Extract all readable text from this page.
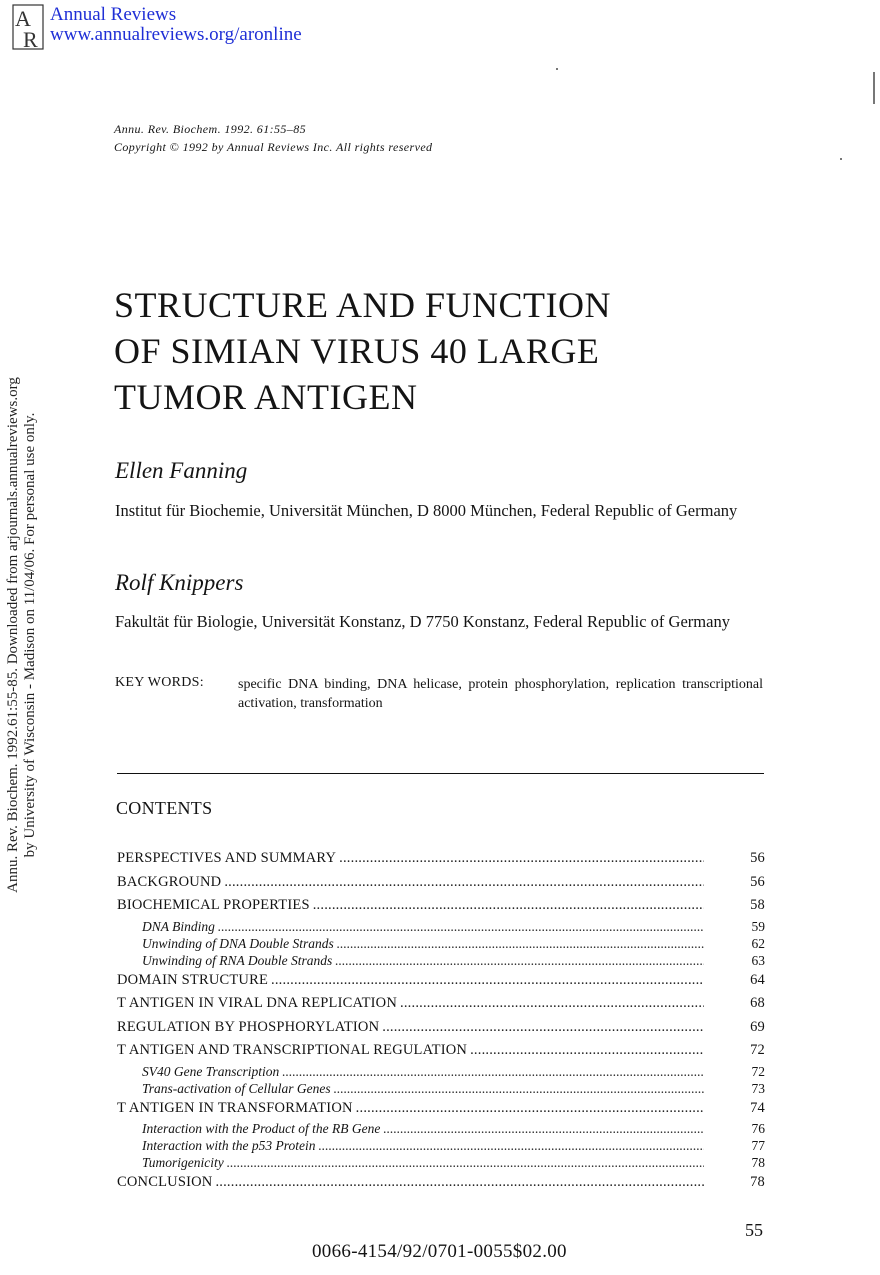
A
R
Annual Reviews
www.annualreviews.org/aronline
Annu. Rev. Biochem. 1992.61:55-85. Downloaded from arjournals.annualreviews.org by University of Wisconsin - Madison on 11/04/06. For personal use only.
Annu. Rev. Biochem. 1992. 61:55–85
Copyright © 1992 by Annual Reviews Inc. All rights reserved
STRUCTURE AND FUNCTION
OF SIMIAN VIRUS 40 LARGE
TUMOR ANTIGEN
Ellen Fanning
Institut für Biochemie, Universität München, D 8000 München, Federal Republic of Germany
Rolf Knippers
Fakultät für Biologie, Universität Konstanz, D 7750 Konstanz, Federal Republic of Germany
KEY WORDS: specific DNA binding, DNA helicase, protein phosphorylation, replication transcriptional activation, transformation
CONTENTS
PERSPECTIVES AND SUMMARY .....	56
BACKGROUND .....	56
BIOCHEMICAL PROPERTIES .....	58
DNA Binding .....	59
Unwinding of DNA Double Strands .....	62
Unwinding of RNA Double Strands .....	63
DOMAIN STRUCTURE .....	64
T ANTIGEN IN VIRAL DNA REPLICATION .....	68
REGULATION BY PHOSPHORYLATION .....	69
T ANTIGEN AND TRANSCRIPTIONAL REGULATION .....	72
SV40 Gene Transcription .....	72
Trans-activation of Cellular Genes .....	73
T ANTIGEN IN TRANSFORMATION .....	74
Interaction with the Product of the RB Gene .....	76
Interaction with the p53 Protein .....	77
Tumorigenicity .....	78
CONCLUSION .....	78
55
0066-4154/92/0701-0055$02.00
